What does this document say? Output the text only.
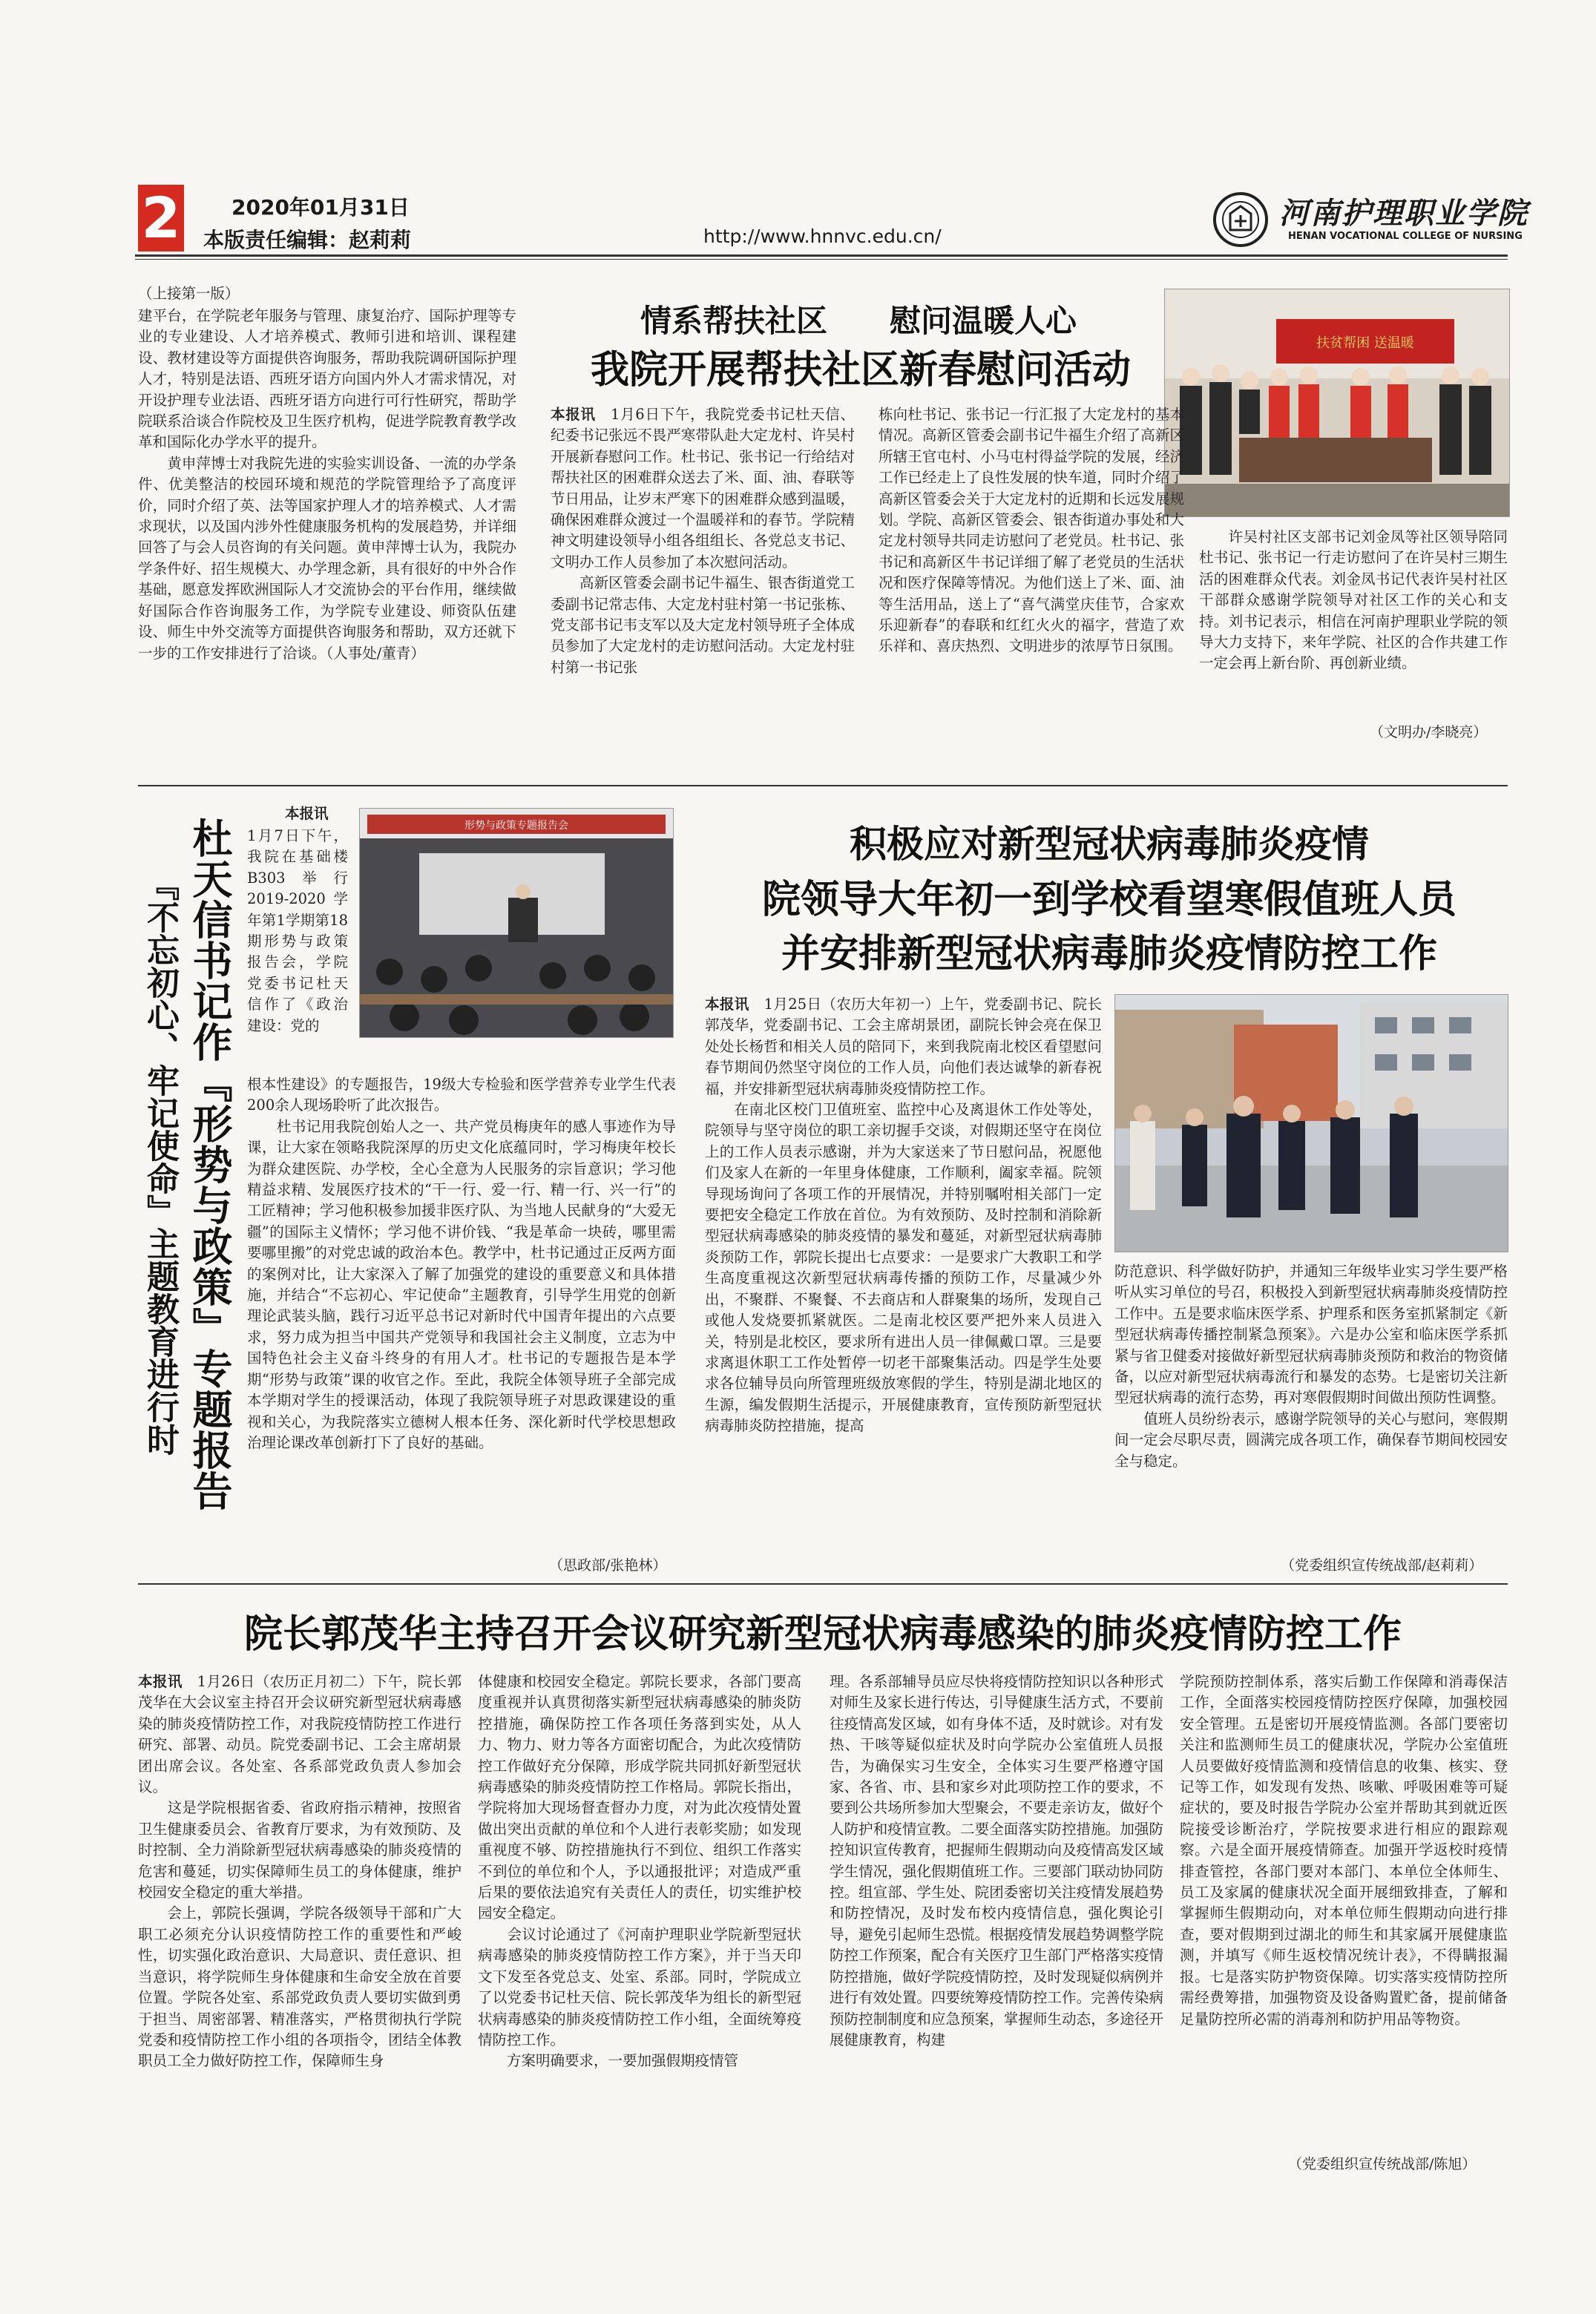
2 2020年01月31日
本版责任编辑：赵莉莉	http://www.hnnvc.edu.cn/
河南护理职业学院
HENAN VOCATIONAL COLLEGE OF NURSING
（上接第一版）
建平台，在学院老年服务与管理、康复治疗、国际护理等专业的专业建设、人才培养模式、教师引进和培训、课程建设、教材建设等方面提供咨询服务，帮助我院调研国际护理人才，特别是法语、西班牙语方向国内外人才需求情况，对开设护理专业法语、西班牙语方向进行可行性研究，帮助学院联系洽谈合作院校及卫生医疗机构，促进学院教育教学改革和国际化办学水平的提升。
　　黄申萍博士对我院先进的实验实训设备、一流的办学条件、优美整洁的校园环境和规范的学院管理给予了高度评价，同时介绍了英、法等国家护理人才的培养模式、人才需求现状，以及国内涉外性健康服务机构的发展趋势，并详细回答了与会人员咨询的有关问题。黄申萍博士认为，我院办学条件好、招生规模大、办学理念新，具有很好的中外合作基础，愿意发挥欧洲国际人才交流协会的平台作用，继续做好国际合作咨询服务工作，为学院专业建设、师资队伍建设、师生中外交流等方面提供咨询服务和帮助，双方还就下一步的工作安排进行了洽谈。（人事处/董青）
情系帮扶社区　　慰问温暖人心
我院开展帮扶社区新春慰问活动
扶贫帮困 送温暖
本报讯　 1月6日下午，我院党委书记杜天信、纪委书记张远不畏严寒带队赴大定龙村、许吴村开展新春慰问工作。杜书记、张书记一行给结对帮扶社区的困难群众送去了米、面、油、春联等节日用品，让岁末严寒下的困难群众感到温暖，确保困难群众渡过一个温暖祥和的春节。学院精神文明建设领导小组各组组长、各党总支书记、文明办工作人员参加了本次慰问活动。
　　高新区管委会副书记牛福生、银杏街道党工委副书记常志伟、大定龙村驻村第一书记张栋、党支部书记韦支军以及大定龙村领导班子全体成员参加了大定龙村的走访慰问活动。大定龙村驻村第一书记张
栋向杜书记、张书记一行汇报了大定龙村的基本情况。高新区管委会副书记牛福生介绍了高新区所辖王官屯村、小马屯村得益学院的发展，经济工作已经走上了良性发展的快车道，同时介绍了高新区管委会关于大定龙村的近期和长远发展规划。学院、高新区管委会、银杏街道办事处和大定龙村领导共同走访慰问了老党员。杜书记、张书记和高新区牛书记详细了解了老党员的生活状况和医疗保障等情况。为他们送上了米、面、油等生活用品，送上了“喜气满堂庆佳节，合家欢乐迎新春”的春联和红红火火的福字，营造了欢乐祥和、喜庆热烈、文明进步的浓厚节日氛围。
　　许吴村社区支部书记刘金凤等社区领导陪同杜书记、张书记一行走访慰问了在许吴村三期生活的困难群众代表。刘金凤书记代表许吴村社区干部群众感谢学院领导对社区工作的关心和支持。刘书记表示，相信在河南护理职业学院的领导大力支持下，来年学院、社区的合作共建工作一定会再上新台阶、再创新业绩。
（文明办/李晓亮）
杜天信书记作『形势与政策』专题报告
『不忘初心、牢记使命』主题教育进行时
本报讯
1月7日下午，我院在基础楼B303举行2019-2020学年第1学期第18期形势与政策报告会，学院党委书记杜天信作了《政治建设：党的
形势与政策专题报告会
根本性建设》的专题报告，19级大专检验和医学营养专业学生代表200余人现场聆听了此次报告。
　　杜书记用我院创始人之一、共产党员梅庚年的感人事迹作为导课，让大家在领略我院深厚的历史文化底蕴同时，学习梅庚年校长为群众建医院、办学校，全心全意为人民服务的宗旨意识；学习他精益求精、发展医疗技术的“干一行、爱一行、精一行、兴一行”的工匠精神；学习他积极参加援非医疗队、为当地人民献身的“大爱无疆”的国际主义情怀；学习他不讲价钱、“我是革命一块砖，哪里需要哪里搬”的对党忠诚的政治本色。教学中，杜书记通过正反两方面的案例对比，让大家深入了解了加强党的建设的重要意义和具体措施，并结合“不忘初心、牢记使命”主题教育，引导学生用党的创新理论武装头脑，践行习近平总书记对新时代中国青年提出的六点要求，努力成为担当中国共产党领导和我国社会主义制度，立志为中国特色社会主义奋斗终身的有用人才。杜书记的专题报告是本学期“形势与政策”课的收官之作。至此，我院全体领导班子全部完成本学期对学生的授课活动，体现了我院领导班子对思政课建设的重视和关心，为我院落实立德树人根本任务、深化新时代学校思想政治理论课改革创新打下了良好的基础。
（思政部/张艳林）
积极应对新型冠状病毒肺炎疫情
院领导大年初一到学校看望寒假值班人员
并安排新型冠状病毒肺炎疫情防控工作
本报讯　 1月25日（农历大年初一）上午，党委副书记、院长郭茂华，党委副书记、工会主席胡景团，副院长钟会亮在保卫处处长杨哲和相关人员的陪同下，来到我院南北校区看望慰问春节期间仍然坚守岗位的工作人员，向他们表达诚挚的新春祝福，并安排新型冠状病毒肺炎疫情防控工作。
　　在南北区校门卫值班室、监控中心及离退休工作处等处，院领导与坚守岗位的职工亲切握手交谈，对假期还坚守在岗位上的工作人员表示感谢，并为大家送来了节日慰问品，祝愿他们及家人在新的一年里身体健康，工作顺利，阖家幸福。院领导现场询问了各项工作的开展情况，并特别嘱咐相关部门一定要把安全稳定工作放在首位。为有效预防、及时控制和消除新型冠状病毒感染的肺炎疫情的暴发和蔓延，对新型冠状病毒肺炎预防工作，郭院长提出七点要求：一是要求广大教职工和学生高度重视这次新型冠状病毒传播的预防工作，尽量减少外出，不聚群、不聚餐、不去商店和人群聚集的场所，发现自己或他人发烧要抓紧就医。二是南北校区要严把外来人员进入关，特别是北校区，要求所有进出人员一律佩戴口罩。三是要求离退休职工工作处暂停一切老干部聚集活动。四是学生处要求各位辅导员向所管理班级放寒假的学生，特别是湖北地区的生源，编发假期生活提示，开展健康教育，宣传预防新型冠状病毒肺炎防控措施，提高
防范意识、科学做好防护，并通知三年级毕业实习学生要严格听从实习单位的号召，积极投入到新型冠状病毒肺炎疫情防控工作中。五是要求临床医学系、护理系和医务室抓紧制定《新型冠状病毒传播控制紧急预案》。六是办公室和临床医学系抓紧与省卫健委对接做好新型冠状病毒肺炎预防和救治的物资储备，以应对新型冠状病毒流行和暴发的态势。七是密切关注新型冠状病毒的流行态势，再对寒假假期时间做出预防性调整。
　　值班人员纷纷表示，感谢学院领导的关心与慰问，寒假期间一定会尽职尽责，圆满完成各项工作，确保春节期间校园安全与稳定。
（党委组织宣传统战部/赵莉莉）
院长郭茂华主持召开会议研究新型冠状病毒感染的肺炎疫情防控工作
本报讯　 1月26日（农历正月初二）下午，院长郭茂华在大会议室主持召开会议研究新型冠状病毒感染的肺炎疫情防控工作，对我院疫情防控工作进行研究、部署、动员。院党委副书记、工会主席胡景团出席会议。各处室、各系部党政负责人参加会议。
　　这是学院根据省委、省政府指示精神，按照省卫生健康委员会、省教育厅要求，为有效预防、及时控制、全力消除新型冠状病毒感染的肺炎疫情的危害和蔓延，切实保障师生员工的身体健康，维护校园安全稳定的重大举措。
　　会上，郭院长强调，学院各级领导干部和广大职工必须充分认识疫情防控工作的重要性和严峻性，切实强化政治意识、大局意识、责任意识、担当意识，将学院师生身体健康和生命安全放在首要位置。学院各处室、系部党政负责人要切实做到勇于担当、周密部署、精准落实，严格贯彻执行学院党委和疫情防控工作小组的各项指令，团结全体教职员工全力做好防控工作，保障师生身
体健康和校园安全稳定。郭院长要求，各部门要高度重视并认真贯彻落实新型冠状病毒感染的肺炎防控措施，确保防控工作各项任务落到实处，从人力、物力、财力等各方面密切配合，为此次疫情防控工作做好充分保障，形成学院共同抓好新型冠状病毒感染的肺炎疫情防控工作格局。郭院长指出，学院将加大现场督查督办力度，对为此次疫情处置做出突出贡献的单位和个人进行表彰奖励；如发现重视度不够、防控措施执行不到位、组织工作落实不到位的单位和个人，予以通报批评；对造成严重后果的要依法追究有关责任人的责任，切实维护校园安全稳定。
　　会议讨论通过了《河南护理职业学院新型冠状病毒感染的肺炎疫情防控工作方案》，并于当天印文下发至各党总支、处室、系部。同时，学院成立了以党委书记杜天信、院长郭茂华为组长的新型冠状病毒感染的肺炎疫情防控工作小组，全面统筹疫情防控工作。
　　方案明确要求，一要加强假期疫情管
理。各系部辅导员应尽快将疫情防控知识以各种形式对师生及家长进行传达，引导健康生活方式，不要前往疫情高发区域，如有身体不适，及时就诊。对有发热、干咳等疑似症状及时向学院办公室值班人员报告，为确保实习生安全，全体实习生要严格遵守国家、各省、市、县和家乡对此项防控工作的要求，不要到公共场所参加大型聚会，不要走亲访友，做好个人防护和疫情宣教。二要全面落实防控措施。加强防控知识宣传教育，把握师生假期动向及疫情高发区域学生情况，强化假期值班工作。三要部门联动协同防控。组宣部、学生处、院团委密切关注疫情发展趋势和防控情况，及时发布校内疫情信息，强化舆论引导，避免引起师生恐慌。根据疫情发展趋势调整学院防控工作预案，配合有关医疗卫生部门严格落实疫情防控措施，做好学院疫情防控，及时发现疑似病例并进行有效处置。四要统筹疫情防控工作。完善传染病预防控制制度和应急预案，掌握师生动态，多途径开展健康教育，构建
学院预防控制体系，落实后勤工作保障和消毒保洁工作，全面落实校园疫情防控医疗保障，加强校园安全管理。五是密切开展疫情监测。各部门要密切关注和监测师生员工的健康状况，学院办公室值班人员要做好疫情监测和疫情信息的收集、核实、登记等工作，如发现有发热、咳嗽、呼吸困难等可疑症状的，要及时报告学院办公室并帮助其到就近医院接受诊断治疗，学院按要求进行相应的跟踪观察。六是全面开展疫情筛查。加强开学返校时疫情排查管控，各部门要对本部门、本单位全体师生、员工及家属的健康状况全面开展细致排查，了解和掌握师生假期动向，对本单位师生假期动向进行排查，要对假期到过湖北的师生和其家属开展健康监测，并填写《师生返校情况统计表》，不得瞒报漏报。七是落实防护物资保障。切实落实疫情防控所需经费筹措，加强物资及设备购置贮备，提前储备足量防控所必需的消毒剂和防护用品等物资。
（党委组织宣传统战部/陈旭）
